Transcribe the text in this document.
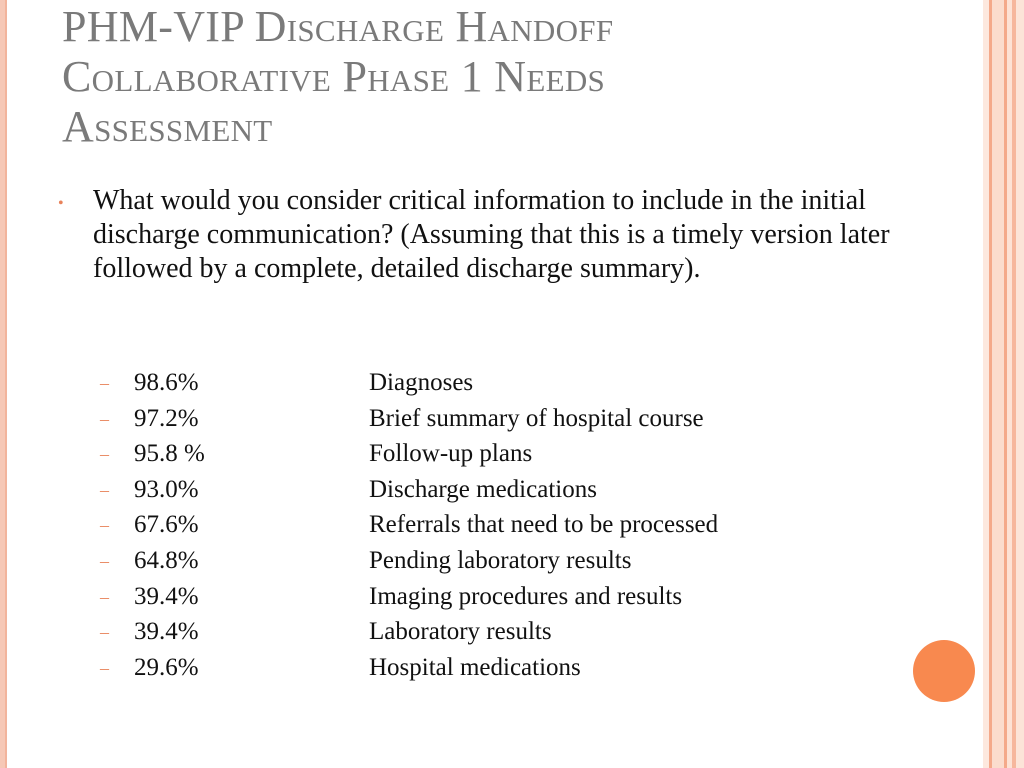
PHM-VIP Discharge Handoff
Collaborative Phase 1 Needs
Assessment
• What would you consider critical information to include in the initial discharge communication? (Assuming that this is a timely version later followed by a complete, detailed discharge summary).
– 98.6%	Diagnoses
– 97.2%	Brief summary of hospital course
– 95.8 %	Follow-up plans
– 93.0%	Discharge medications
– 67.6%	Referrals that need to be processed
– 64.8%	Pending laboratory results
– 39.4%	Imaging procedures and results
– 39.4%	Laboratory results
– 29.6%	Hospital medications
